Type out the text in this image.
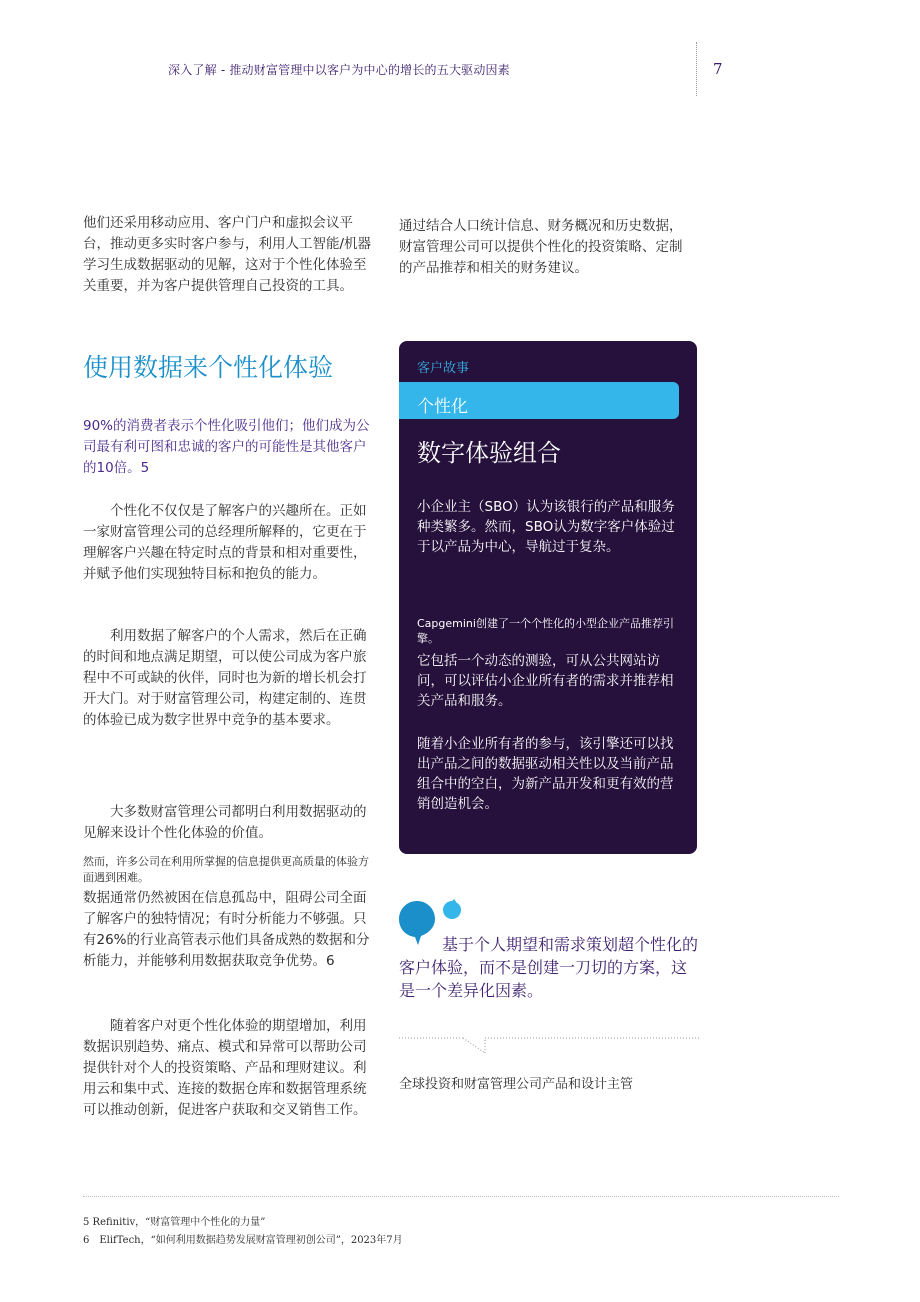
深入了解 - 推动财富管理中以客户为中心的增长的五大驱动因素	7
他们还采用移动应用、客户门户和虚拟会议平台，推动更多实时客户参与，利用人工智能/机器学习生成数据驱动的见解，这对于个性化体验至关重要，并为客户提供管理自己投资的工具。
通过结合人口统计信息、财务概况和历史数据，财富管理公司可以提供个性化的投资策略、定制的产品推荐和相关的财务建议。
使用数据来个性化体验
90%的消费者表示个性化吸引他们；他们成为公司最有利可图和忠诚的客户的可能性是其他客户的10倍。5
个性化不仅仅是了解客户的兴趣所在。正如一家财富管理公司的总经理所解释的，它更在于理解客户兴趣在特定时点的背景和相对重要性，并赋予他们实现独特目标和抱负的能力。
利用数据了解客户的个人需求，然后在正确的时间和地点满足期望，可以使公司成为客户旅程中不可或缺的伙伴，同时也为新的增长机会打开大门。对于财富管理公司，构建定制的、连贯的体验已成为数字世界中竞争的基本要求。
大多数财富管理公司都明白利用数据驱动的见解来设计个性化体验的价值。
然而，许多公司在利用所掌握的信息提供更高质量的体验方面遇到困难。
数据通常仍然被困在信息孤岛中，阻碍公司全面了解客户的独特情况；有时分析能力不够强。只有26%的行业高管表示他们具备成熟的数据和分析能力，并能够利用数据获取竞争优势。6
随着客户对更个性化体验的期望增加，利用数据识别趋势、痛点、模式和异常可以帮助公司提供针对个人的投资策略、产品和理财建议。利用云和集中式、连接的数据仓库和数据管理系统可以推动创新，促进客户获取和交叉销售工作。
客户故事
个性化
数字体验组合
小企业主（SBO）认为该银行的产品和服务种类繁多。然而，SBO认为数字客户体验过于以产品为中心，导航过于复杂。
Capgemini创建了一个个性化的小型企业产品推荐引擎。
它包括一个动态的测验，可从公共网站访问，可以评估小企业所有者的需求并推荐相关产品和服务。
随着小企业所有者的参与，该引擎还可以找出产品之间的数据驱动相关性以及当前产品组合中的空白，为新产品开发和更有效的营销创造机会。
基于个人期望和需求策划超个性化的客户体验，而不是创建一刀切的方案，这是一个差异化因素。
全球投资和财富管理公司产品和设计主管
5 Refinitiv，“财富管理中个性化的力量”
6　ElifTech，“如何利用数据趋势发展财富管理初创公司”，2023年7月
